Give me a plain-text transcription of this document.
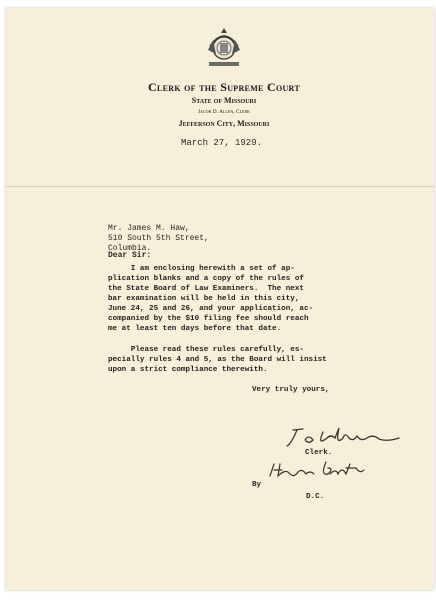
Clerk of the Supreme Court
State of Missouri
Jacob D. Allen, Clerk
Jefferson City, Missouri
March 27, 1929.
Mr. James M. Haw,
510 South 5th Street,
Columbia.
Dear Sir:
I am enclosing herewith a set of ap-
plication blanks and a copy of the rules of
the State Board of Law Examiners.  The next
bar examination will be held in this city,
June 24, 25 and 26, and your application, ac-
companied by the $10 filing fee should reach
me at least ten days before that date.
Please read these rules carefully, es-
pecially rules 4 and 5, as the Board will insist
upon a strict compliance therewith.
Very truly yours,
Clerk.
By
D.C.
